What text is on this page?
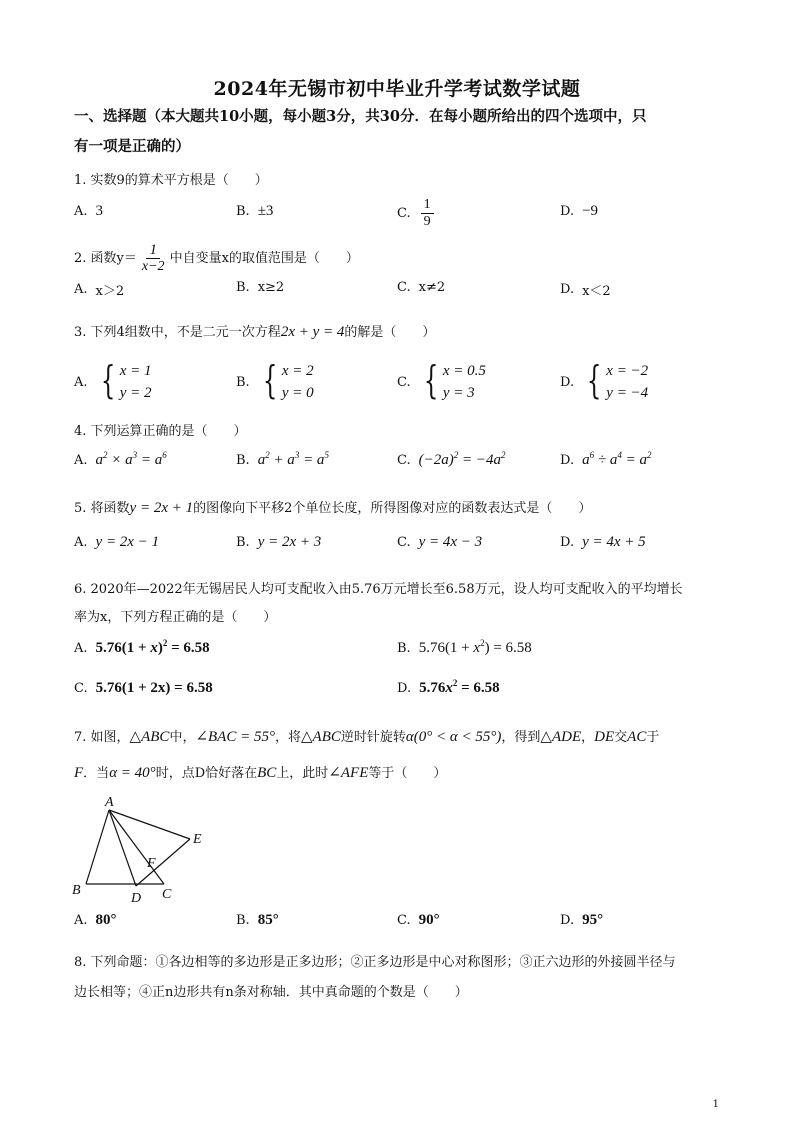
2024年无锡市初中毕业升学考试数学试题
一、选择题（本大题共10小题，每小题3分，共30分．在每小题所给出的四个选项中，只
有一项是正确的）
1. 实数9的算术平方根是（　　）
A. 3	B. ±3	C. $\frac{1}{9}$	D. −9
2. 函数$y= \frac{1}{x-2}$ 中自变量x的取值范围是（　　）
A. x＞2	B. x≥2	C. x≠2	D. x＜2
3. 下列4组数中，不是二元一次方程2x + y = 4的解是（　　）
A. { x = 1
y = 2
B. { x = 2
y = 0
C. { x = 0.5
y = 3
D. { x = −2
y = −4
4. 下列运算正确的是（　　）
A. $a^2 \times a^3 = a^6$	B. $a^2 + a^3 = a^5$	C. $(-2a)^2 = -4a^2$	D. $a^6 \div a^4 = a^2$
5. 将函数y = 2x + 1的图像向下平移2个单位长度，所得图像对应的函数表达式是（　　）
A. y = 2x − 1	B. y = 2x + 3	C. y = 4x − 3	D. y = 4x + 5
6. 2020年—2022年无锡居民人均可支配收入由5.76万元增长至6.58万元，设人均可支配收入的平均增长
率为x，下列方程正确的是（　　）
A. $5.76(1 + x)^2 = 6.58$	B. $5.76(1 + x^2) = 6.58$
C. 5.76(1 + 2x) = 6.58	D. $5.76x^2 = 6.58$
7. 如图，△ABC中，∠BAC = 55°，将△ABC逆时针旋转α(0° < α < 55°)，得到△ADE，DE交AC于
F．当α = 40°时，点D恰好落在BC上，此时∠AFE等于（　　）
A
B	C
D
E
F
A. 80°	B. 85°	C. 90°	D. 95°
8. 下列命题：①各边相等的多边形是正多边形；②正多边形是中心对称图形；③正六边形的外接圆半径与
边长相等；④正n边形共有n条对称轴．其中真命题的个数是（　　）
1
